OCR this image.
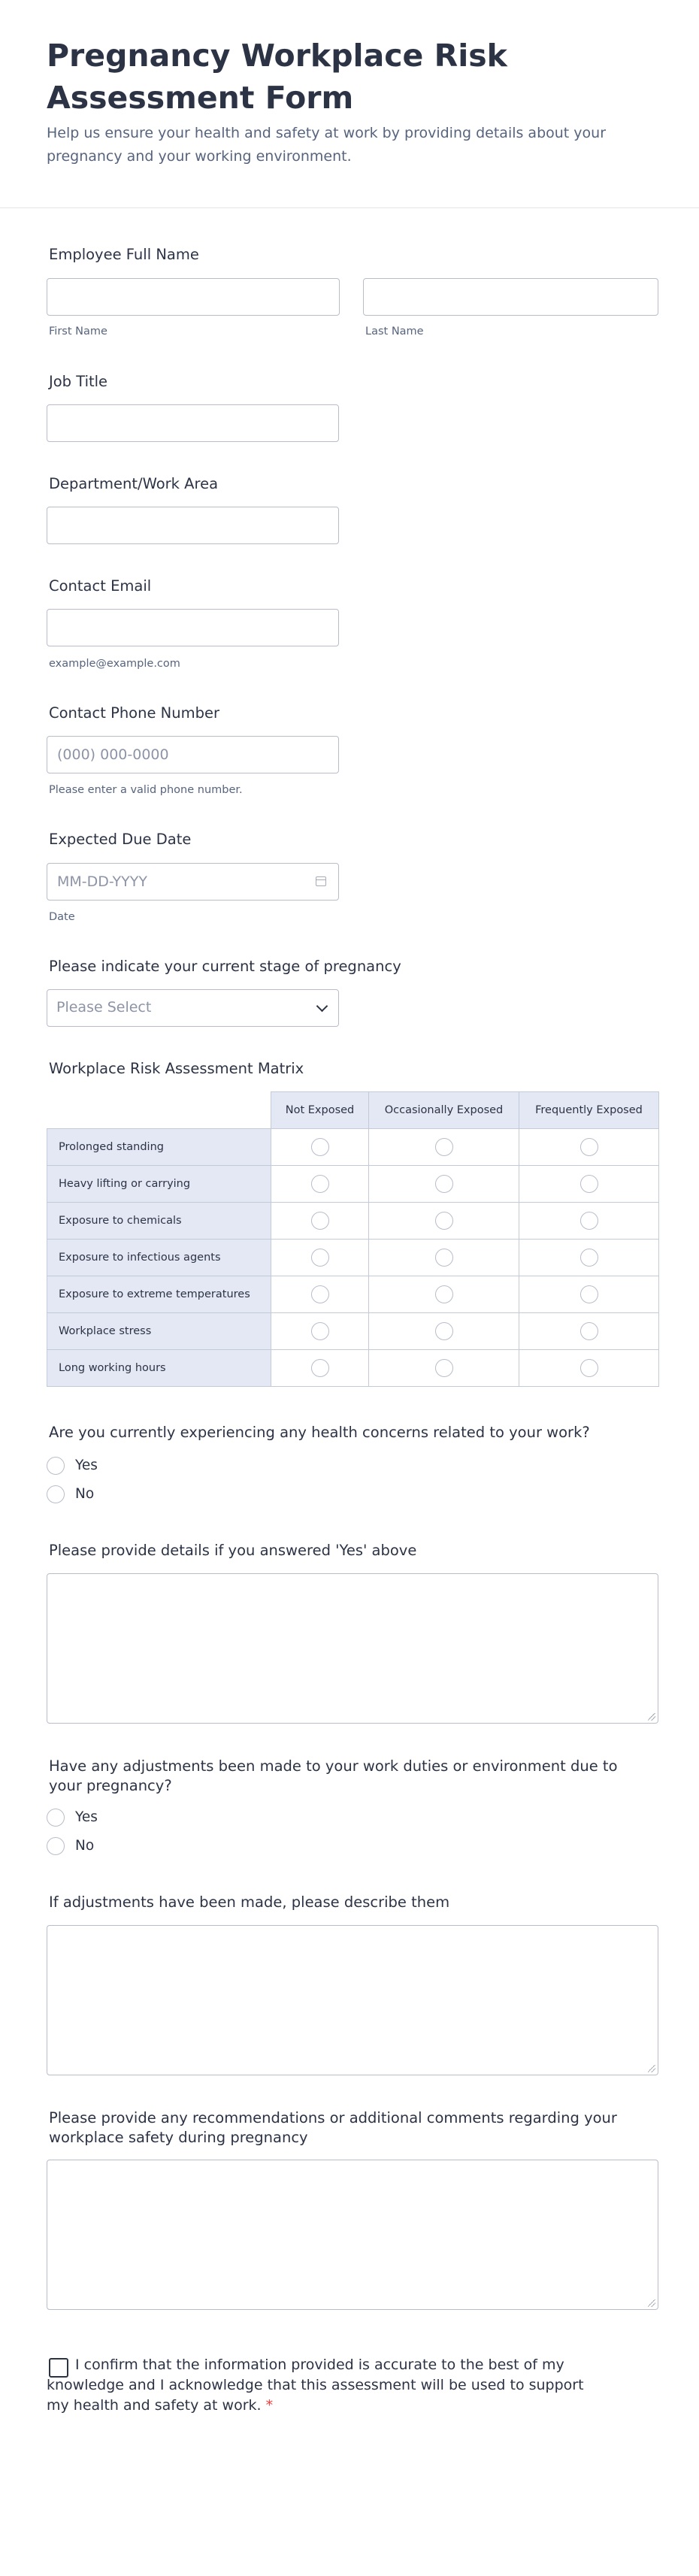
Pregnancy Workplace Risk Assessment Form
Help us ensure your health and safety at work by providing details about your pregnancy and your working environment.
Employee Full Name
First Name	Last Name
Job Title
Department/Work Area
Contact Email
example@example.com
Contact Phone Number
(000) 000-0000
Please enter a valid phone number.
Expected Due Date
MM-DD-YYYY
Date
Please indicate your current stage of pregnancy
Please Select
Workplace Risk Assessment Matrix
	Not Exposed	Occasionally Exposed	Frequently Exposed
Prolonged standing			
Heavy lifting or carrying			
Exposure to chemicals			
Exposure to infectious agents			
Exposure to extreme temperatures			
Workplace stress			
Long working hours			
Are you currently experiencing any health concerns related to your work?
Yes
No
Please provide details if you answered 'Yes' above
Have any adjustments been made to your work duties or environment due to your pregnancy?
Yes
No
If adjustments have been made, please describe them
Please provide any recommendations or additional comments regarding your workplace safety during pregnancy
I confirm that the information provided is accurate to the best of my knowledge and I acknowledge that this assessment will be used to support my health and safety at work. *
